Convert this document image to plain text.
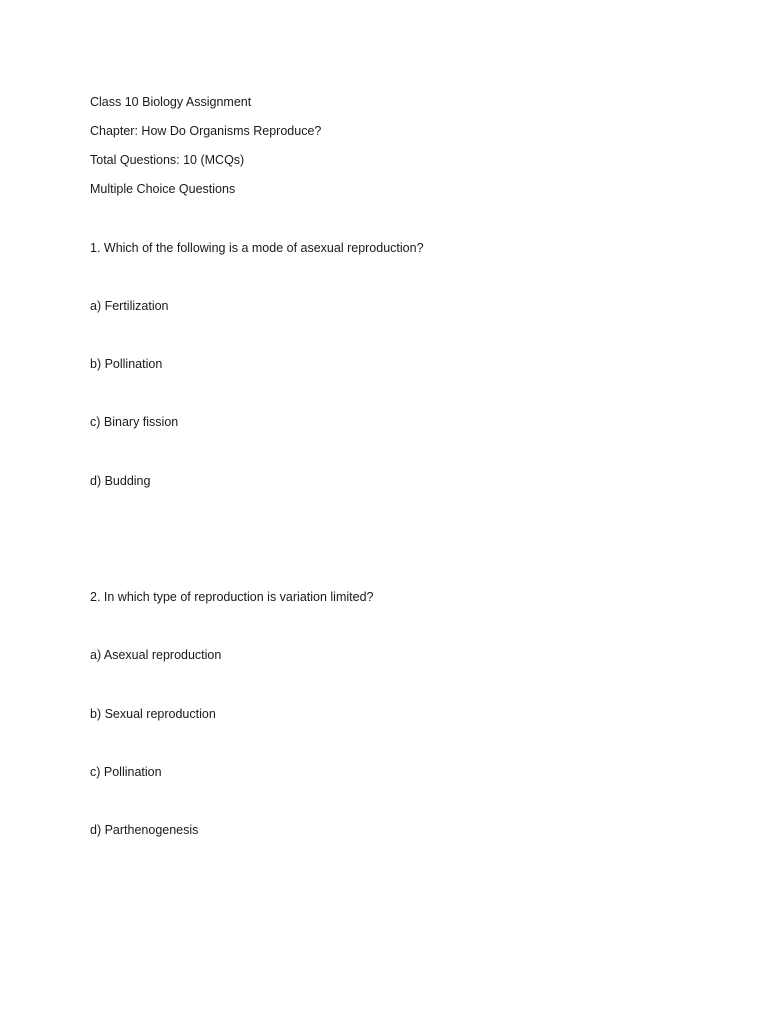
Class 10 Biology Assignment
Chapter: How Do Organisms Reproduce?
Total Questions: 10 (MCQs)
Multiple Choice Questions
1. Which of the following is a mode of asexual reproduction?
a) Fertilization
b) Pollination
c) Binary fission
d) Budding
2. In which type of reproduction is variation limited?
a) Asexual reproduction
b) Sexual reproduction
c) Pollination
d) Parthenogenesis
